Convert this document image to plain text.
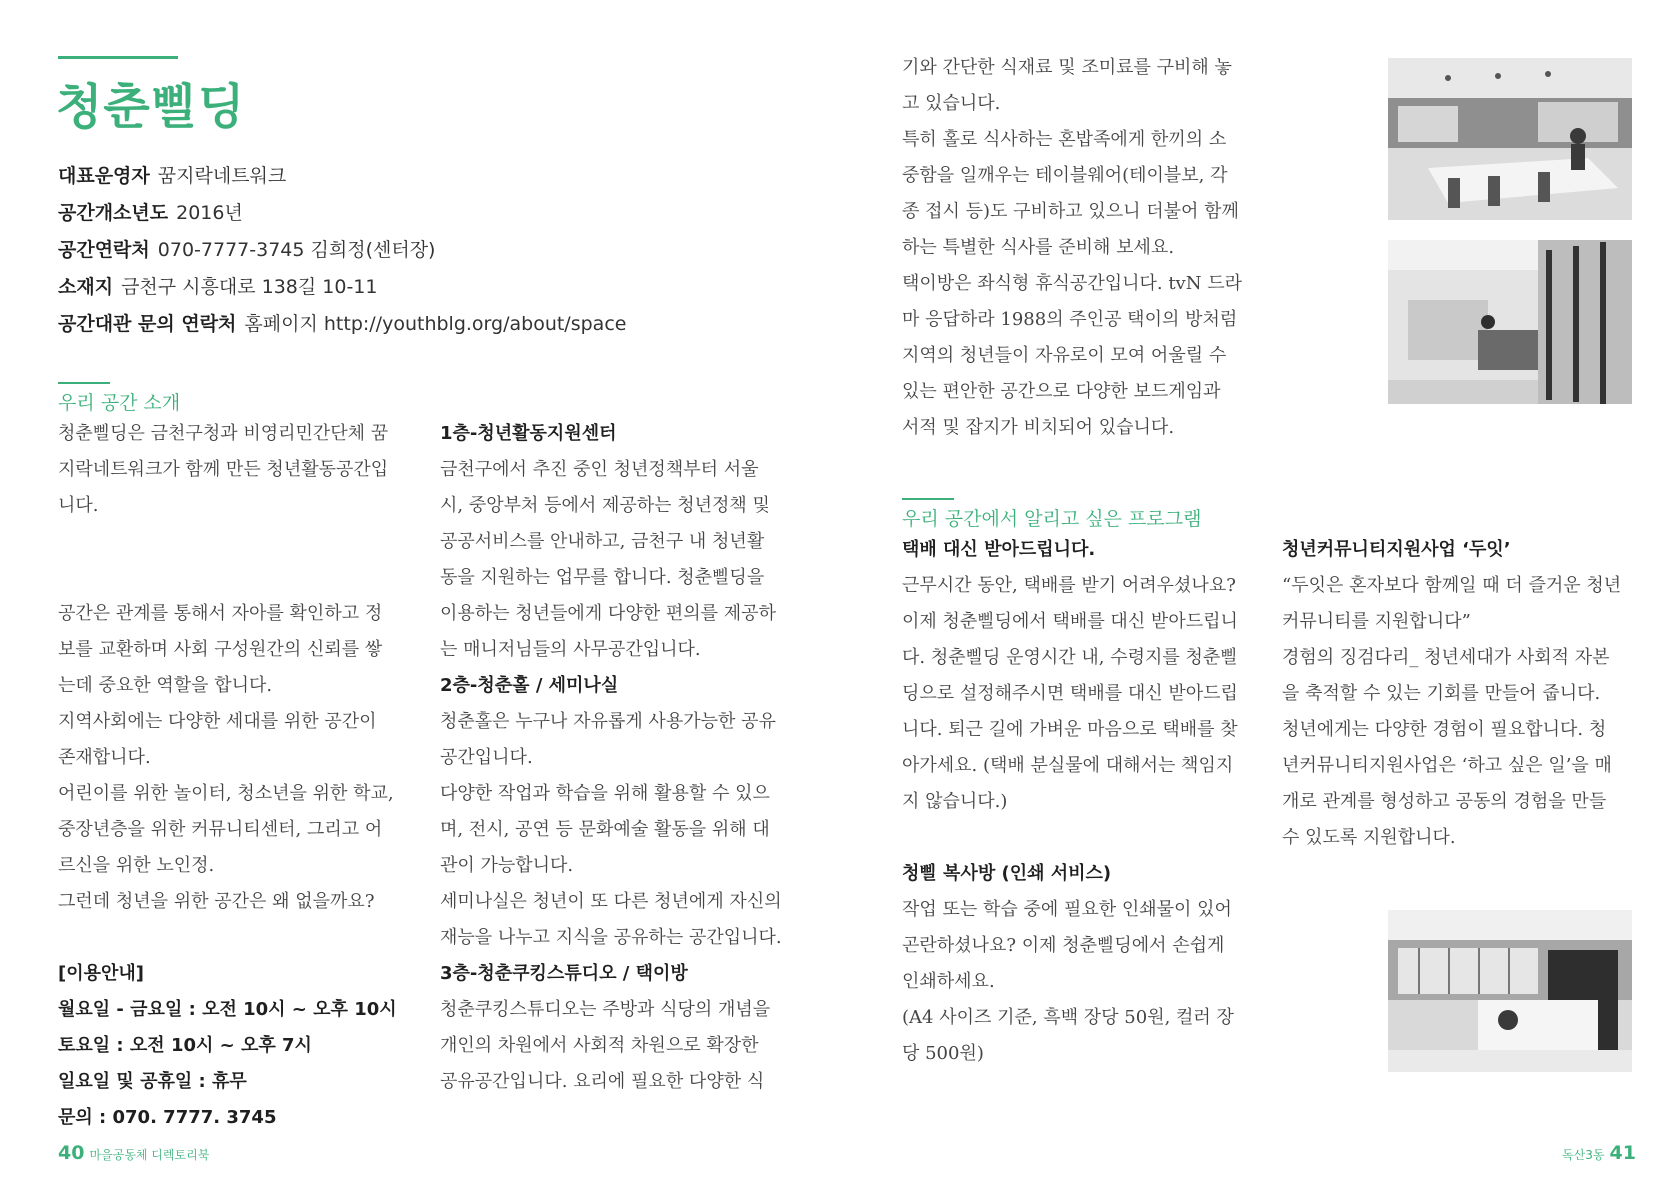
청춘삘딩
대표운영자 꿈지락네트워크
공간개소년도 2016년
공간연락처 070-7777-3745 김희정(센터장)
소재지 금천구 시흥대로 138길 10-11
공간대관 문의 연락처 홈페이지 http://youthblg.org/about/space
우리 공간 소개

청춘삘딩은 금천구청과 비영리민간단체 꿈

지락네트워크가 함께 만든 청년활동공간입

니다.

공간은 관계를 통해서 자아를 확인하고 정

보를 교환하며 사회 구성원간의 신뢰를 쌓

는데 중요한 역할을 합니다.

지역사회에는 다양한 세대를 위한 공간이

존재합니다.

어린이를 위한 놀이터, 청소년을 위한 학교,

중장년층을 위한 커뮤니티센터, 그리고 어

르신을 위한 노인정.

그런데 청년을 위한 공간은 왜 없을까요?

[이용안내]

월요일 - 금요일 : 오전 10시 ~ 오후 10시

토요일 : 오전 10시 ~ 오후 7시

일요일 및 공휴일 : 휴무

문의 : 070. 7777. 3745

1층-청년활동지원센터

금천구에서 추진 중인 청년정책부터 서울

시, 중앙부처 등에서 제공하는 청년정책 및

공공서비스를 안내하고, 금천구 내 청년활

동을 지원하는 업무를 합니다. 청춘삘딩을

이용하는 청년들에게 다양한 편의를 제공하

는 매니저님들의 사무공간입니다.

2층-청춘홀 / 세미나실

청춘홀은 누구나 자유롭게 사용가능한 공유

공간입니다.

다양한 작업과 학습을 위해 활용할 수 있으

며, 전시, 공연 등 문화예술 활동을 위해 대

관이 가능합니다.

세미나실은 청년이 또 다른 청년에게 자신의

재능을 나누고 지식을 공유하는 공간입니다.

3층-청춘쿠킹스튜디오 / 택이방

청춘쿠킹스튜디오는 주방과 식당의 개념을

개인의 차원에서 사회적 차원으로 확장한

공유공간입니다. 요리에 필요한 다양한 식

기와 간단한 식재료 및 조미료를 구비해 놓

고 있습니다.

특히 홀로 식사하는 혼밥족에게 한끼의 소

중함을 일깨우는 테이블웨어(테이블보, 각

종 접시 등)도 구비하고 있으니 더불어 함께

하는 특별한 식사를 준비해 보세요.

택이방은 좌식형 휴식공간입니다. tvN 드라

마 응답하라 1988의 주인공 택이의 방처럼

지역의 청년들이 자유로이 모여 어울릴 수

있는 편안한 공간으로 다양한 보드게임과

서적 및 잡지가 비치되어 있습니다.

우리 공간에서 알리고 싶은 프로그램

택배 대신 받아드립니다.

근무시간 동안, 택배를 받기 어려우셨나요?

이제 청춘삘딩에서 택배를 대신 받아드립니

다. 청춘삘딩 운영시간 내, 수령지를 청춘삘

딩으로 설정해주시면 택배를 대신 받아드립

니다. 퇴근 길에 가벼운 마음으로 택배를 찾

아가세요. (택배 분실물에 대해서는 책임지

지 않습니다.)

청삘 복사방 (인쇄 서비스)

작업 또는 학습 중에 필요한 인쇄물이 있어

곤란하셨나요? 이제 청춘삘딩에서 손쉽게

인쇄하세요.

(A4 사이즈 기준, 흑백 장당 50원, 컬러 장

당 500원)

청년커뮤니티지원사업 ‘두잇’

“두잇은 혼자보다 함께일 때 더 즐거운 청년

커뮤니티를 지원합니다”

경험의 징검다리_ 청년세대가 사회적 자본

을 축적할 수 있는 기회를 만들어 줍니다.

청년에게는 다양한 경험이 필요합니다. 청

년커뮤니티지원사업은 ‘하고 싶은 일’을 매

개로 관계를 형성하고 공동의 경험을 만들

수 있도록 지원합니다.

40 마을공동체 디렉토리북	독산3동 41
